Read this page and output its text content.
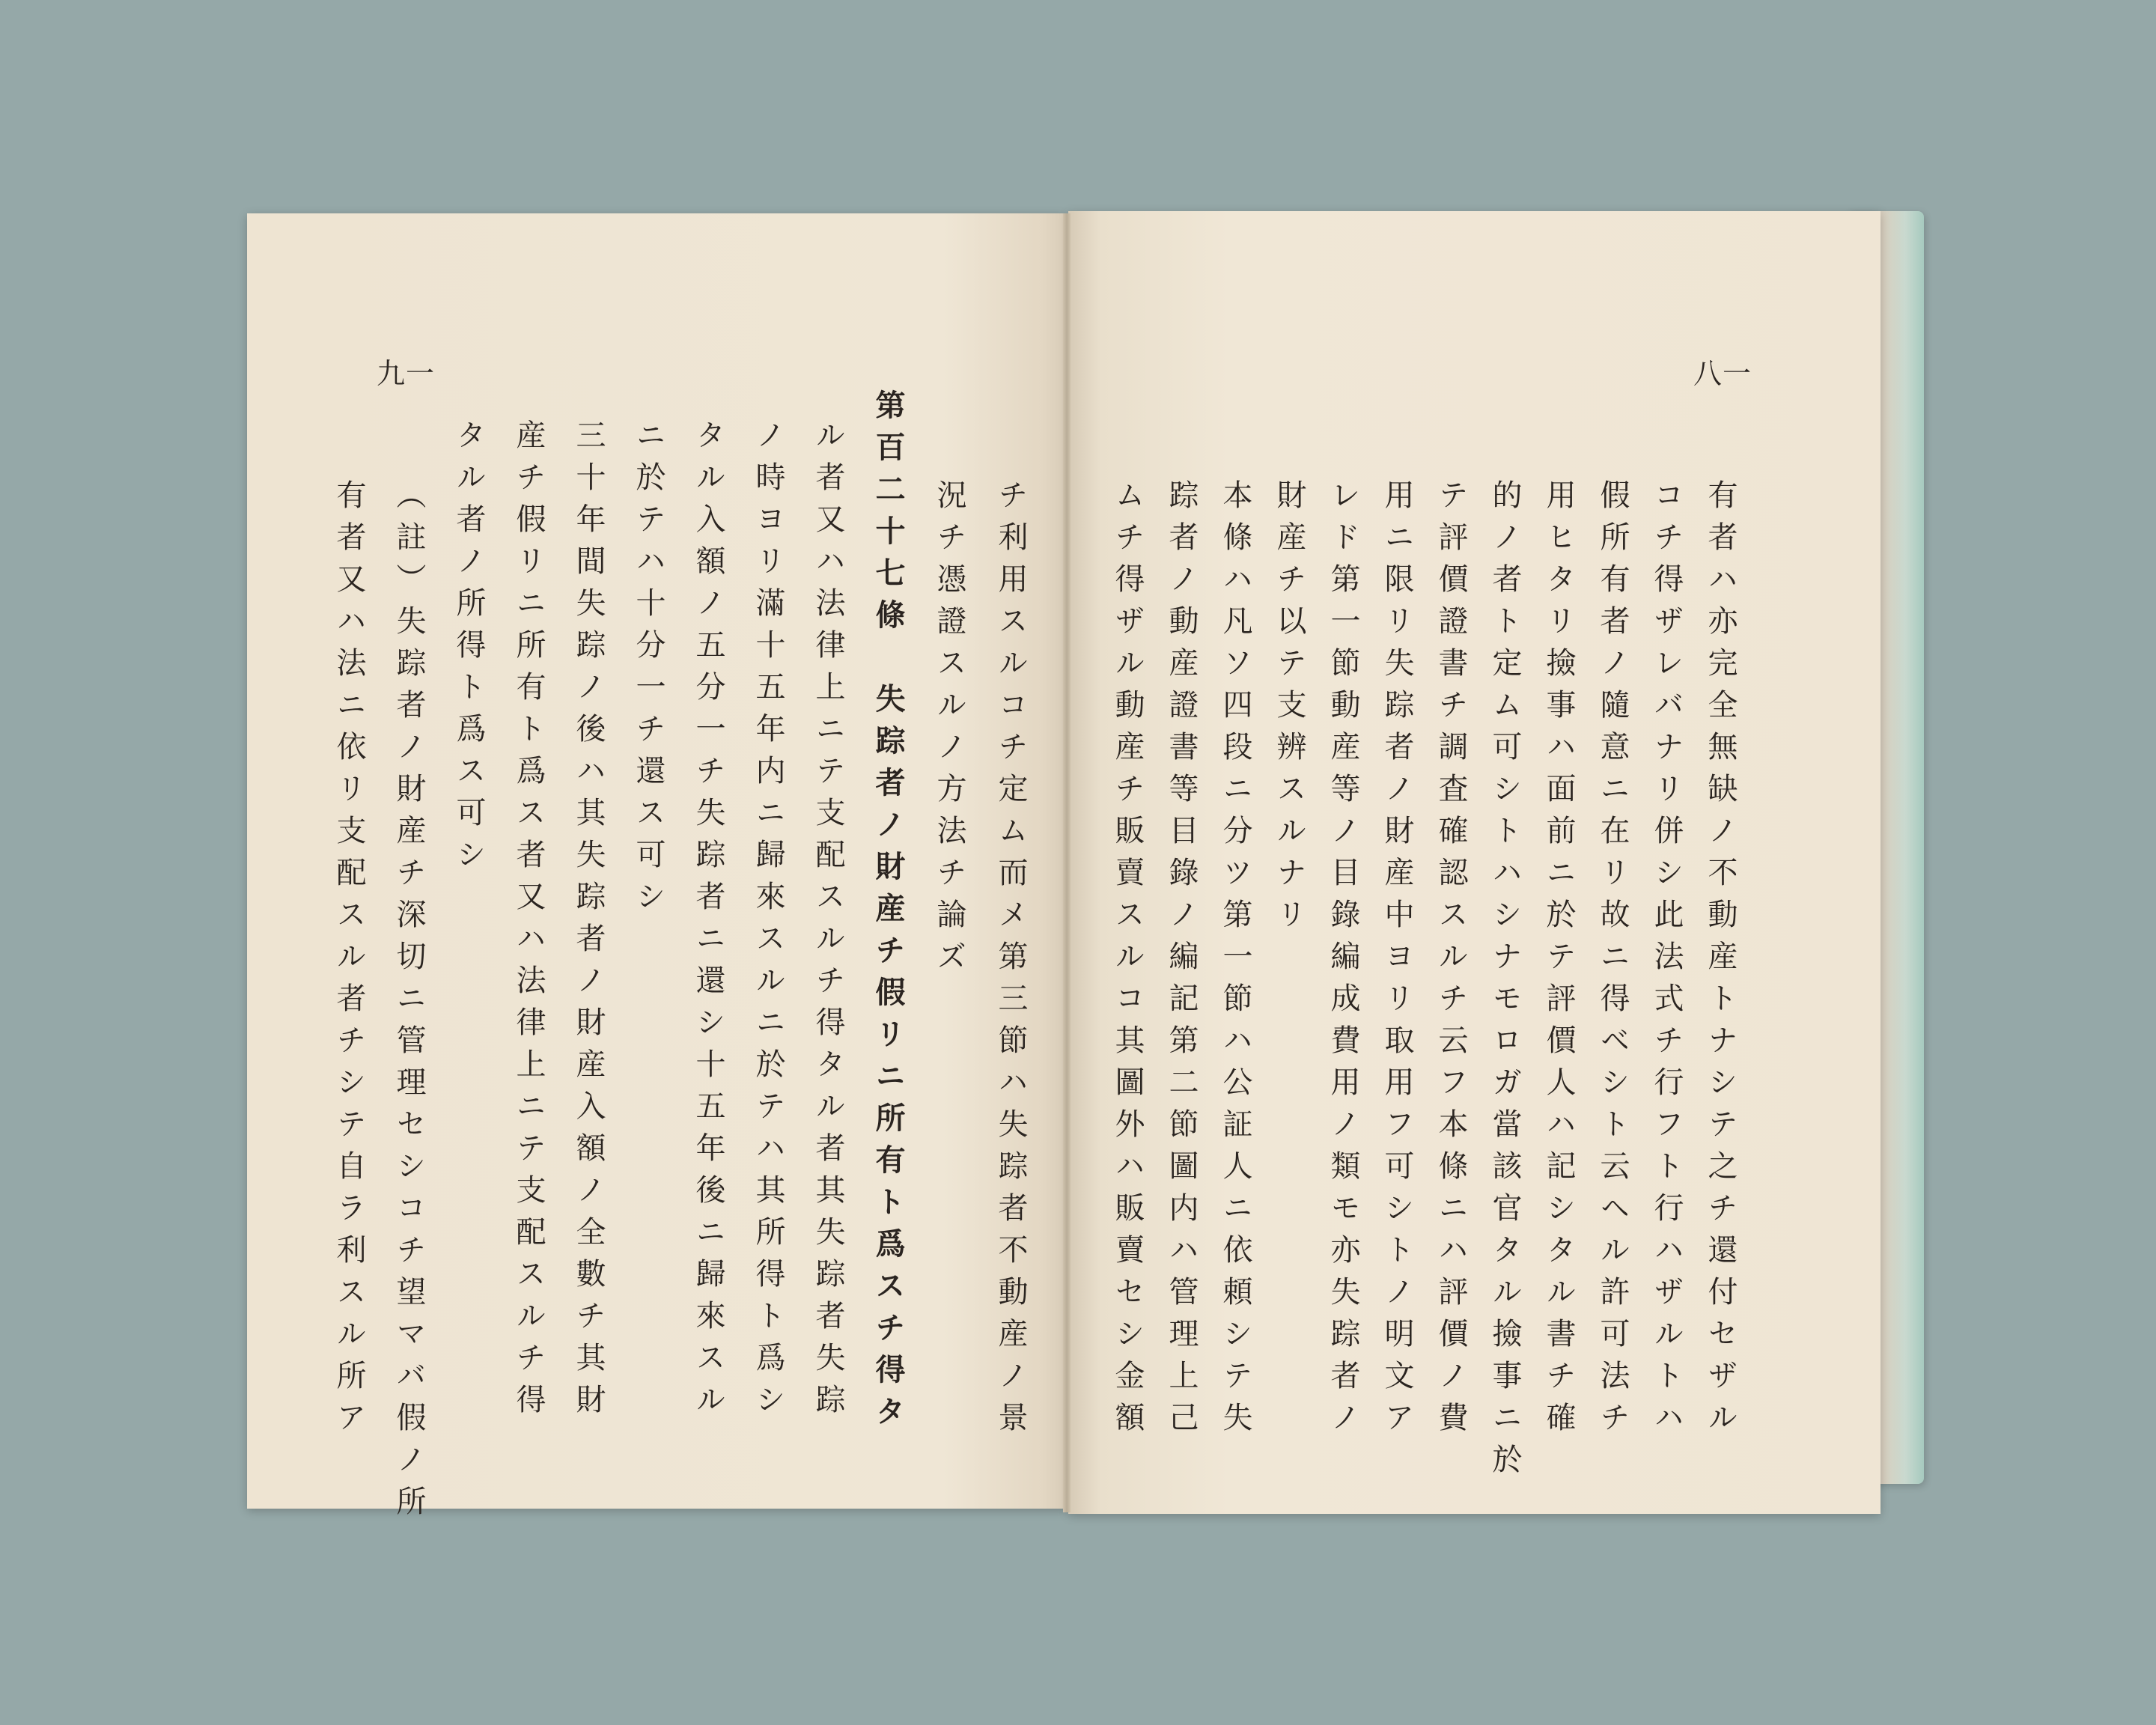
九一	八一
チ利用スルコチ定ム而メ第三節ハ失踪者不動産ノ景
況チ憑證スルノ方法チ論ズ
第百二十七條　失踪者ノ財産チ假リニ所有ト爲スチ得タ
ル者又ハ法律上ニテ支配スルチ得タル者其失踪者失踪
ノ時ヨリ滿十五年内ニ歸來スルニ於テハ其所得ト爲シ
タル入額ノ五分一チ失踪者ニ還シ十五年後ニ歸來スル
ニ於テハ十分一チ還ス可シ
三十年間失踪ノ後ハ其失踪者ノ財産入額ノ全數チ其財
産チ假リニ所有ト爲ス者又ハ法律上ニテ支配スルチ得
タル者ノ所得ト爲ス可シ
（註）失踪者ノ財産チ深切ニ管理セシコチ望マバ假ノ所
有者又ハ法ニ依リ支配スル者チシテ自ラ利スル所ア	有者ハ亦完全無缺ノ不動産トナシテ之チ還付セザル
コチ得ザレバナリ併シ此法式チ行フト行ハザルトハ
假所有者ノ隨意ニ在リ故ニ得ベシト云ヘル許可法チ
用ヒタリ撿事ハ面前ニ於テ評價人ハ記シタル書チ確
的ノ者ト定ム可シトハシナモロガ當該官タル撿事ニ於
テ評價證書チ調査確認スルチ云フ本條ニハ評價ノ費
用ニ限リ失踪者ノ財産中ヨリ取用フ可シトノ明文ア
レド第一節動産等ノ目錄編成費用ノ類モ亦失踪者ノ
財産チ以テ支辨スルナリ
本條ハ凡ソ四段ニ分ツ第一節ハ公証人ニ依頼シテ失
踪者ノ動産證書等目錄ノ編記第二節圖内ハ管理上己
ムチ得ザル動産チ販賣スルコ其圖外ハ販賣セシ金額
